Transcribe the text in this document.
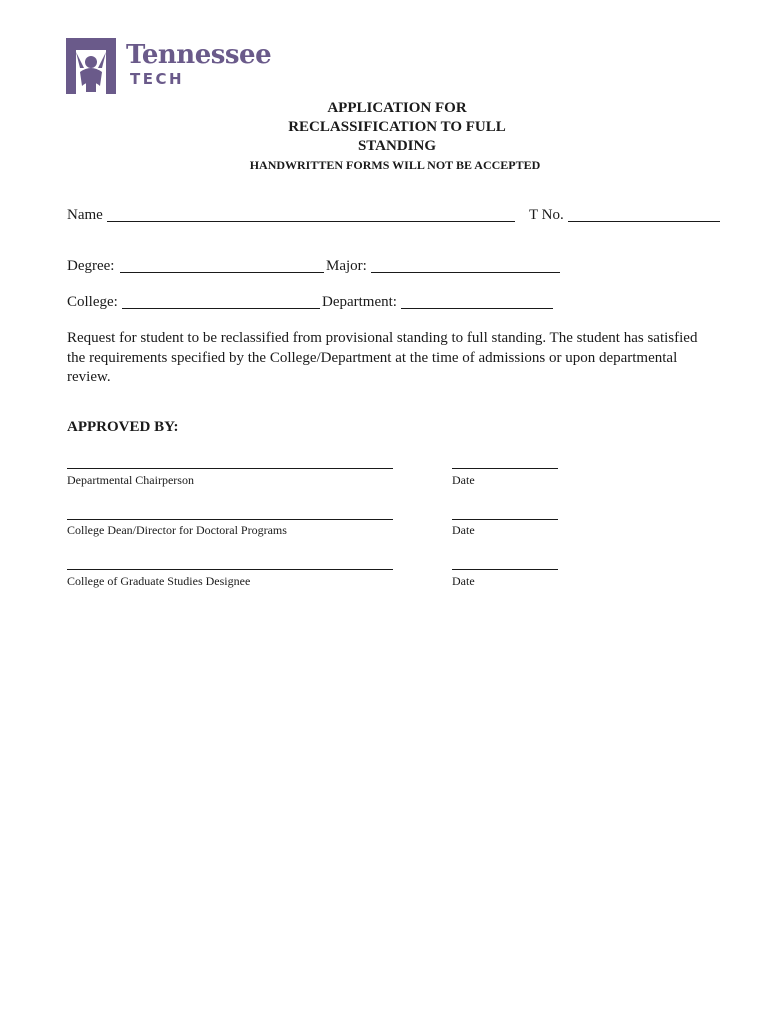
Tennessee
TECH
APPLICATION FOR
RECLASSIFICATION TO FULL
STANDING
HANDWRITTEN FORMS WILL NOT BE ACCEPTED
Name	T No.
Degree:	Major:
College:	Department:
Request for student to be reclassified from provisional standing to full standing. The student has satisfied the requirements specified by the College/Department at the time of admissions or upon departmental review.
APPROVED BY:
Departmental Chairperson	Date
College Dean/Director for Doctoral Programs	Date
College of Graduate Studies Designee	Date
